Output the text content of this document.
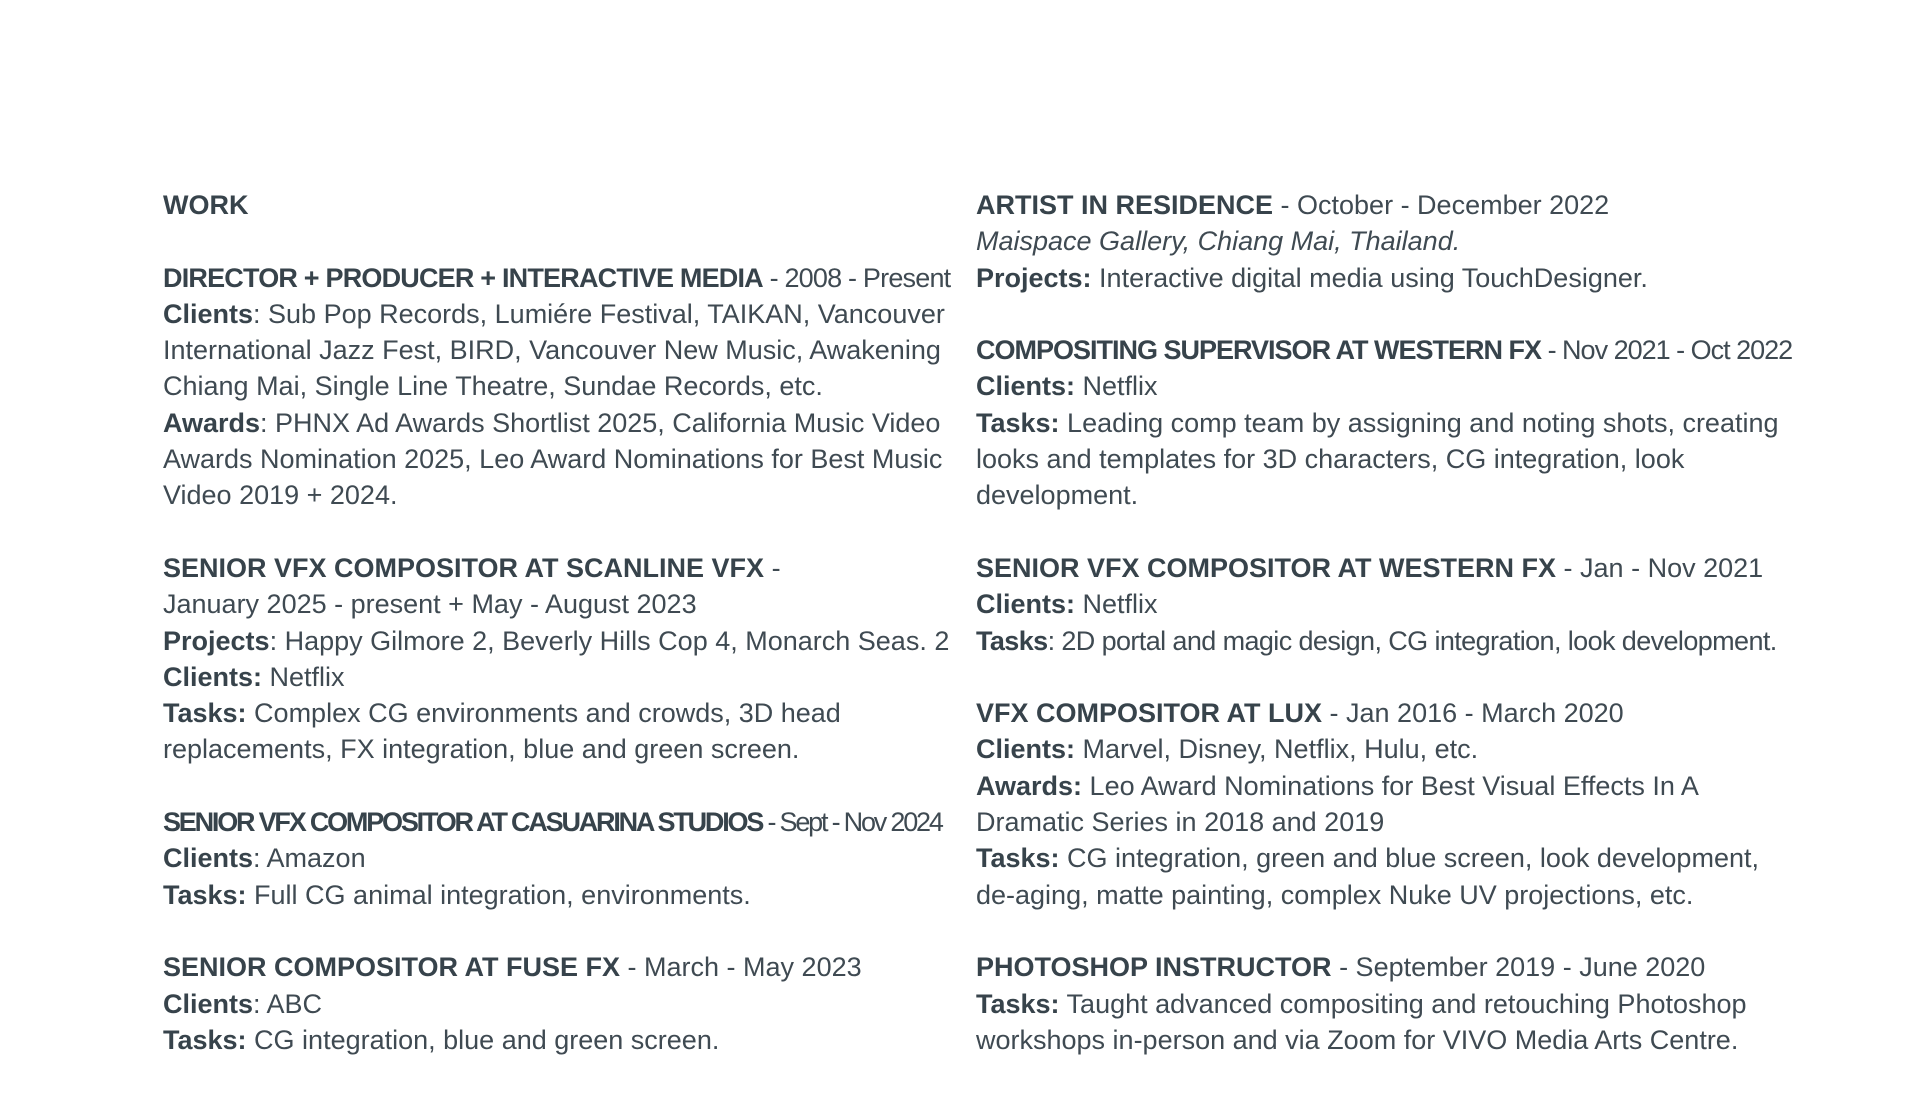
WORK
DIRECTOR + PRODUCER + INTERACTIVE MEDIA - 2008 - Present
Clients: Sub Pop Records, Lumiére Festival, TAIKAN, Vancouver
International Jazz Fest, BIRD, Vancouver New Music, Awakening
Chiang Mai, Single Line Theatre, Sundae Records, etc.
Awards: PHNX Ad Awards Shortlist 2025, California Music Video
Awards Nomination 2025, Leo Award Nominations for Best Music
Video 2019 + 2024.
SENIOR VFX COMPOSITOR AT SCANLINE VFX -
January 2025 - present + May - August 2023
Projects: Happy Gilmore 2, Beverly Hills Cop 4, Monarch Seas. 2
Clients: Netflix
Tasks: Complex CG environments and crowds, 3D head
replacements, FX integration, blue and green screen.
SENIOR VFX COMPOSITOR AT CASUARINA STUDIOS - Sept - Nov 2024
Clients: Amazon
Tasks: Full CG animal integration, environments.
SENIOR COMPOSITOR AT FUSE FX - March - May 2023
Clients: ABC
Tasks: CG integration, blue and green screen.
ARTIST IN RESIDENCE - October - December 2022
Maispace Gallery, Chiang Mai, Thailand.
Projects: Interactive digital media using TouchDesigner.
COMPOSITING SUPERVISOR AT WESTERN FX - Nov 2021 - Oct 2022
Clients: Netflix
Tasks: Leading comp team by assigning and noting shots, creating
looks and templates for 3D characters, CG integration, look
development.
SENIOR VFX COMPOSITOR AT WESTERN FX - Jan - Nov 2021
Clients: Netflix
Tasks: 2D portal and magic design, CG integration, look development.
VFX COMPOSITOR AT LUX - Jan 2016 - March 2020
Clients: Marvel, Disney, Netflix, Hulu, etc.
Awards: Leo Award Nominations for Best Visual Effects In A
Dramatic Series in 2018 and 2019
Tasks: CG integration, green and blue screen, look development,
de-aging, matte painting, complex Nuke UV projections, etc.
PHOTOSHOP INSTRUCTOR - September 2019 - June 2020
Tasks: Taught advanced compositing and retouching Photoshop
workshops in-person and via Zoom for VIVO Media Arts Centre.
